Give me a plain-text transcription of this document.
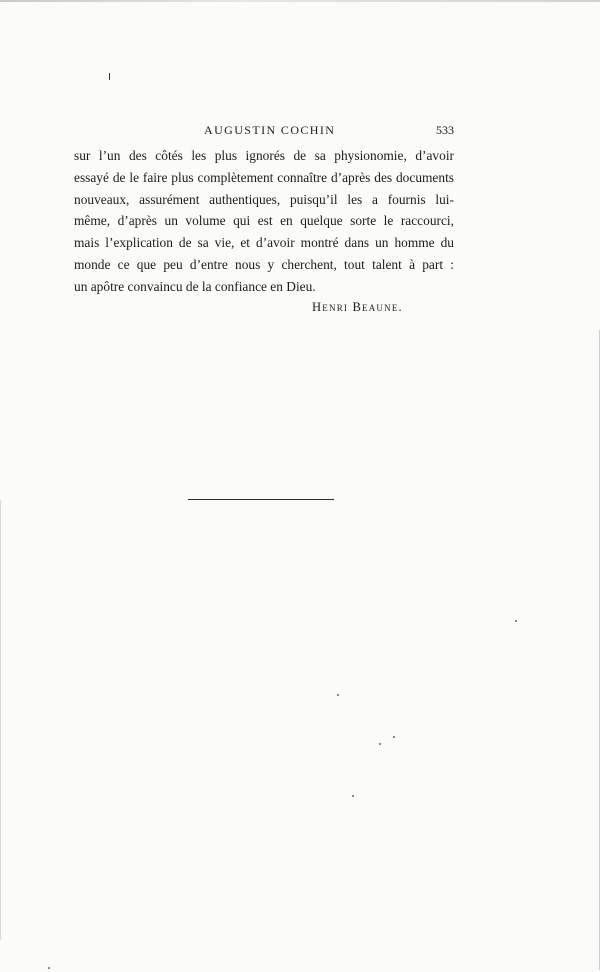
AUGUSTIN COCHIN	533
sur l’un des côtés les plus ignorés de sa physionomie, d’avoir
essayé de le faire plus complètement connaître d’après des documents
nouveaux, assurément authentiques, puisqu’il les a fournis lui-
même, d’après un volume qui est en quelque sorte le raccourci,
mais l’explication de sa vie, et d’avoir montré dans un homme du
monde ce que peu d’entre nous y cherchent, tout talent à part :
un apôtre convaincu de la confiance en Dieu.
Henri Beaune.
